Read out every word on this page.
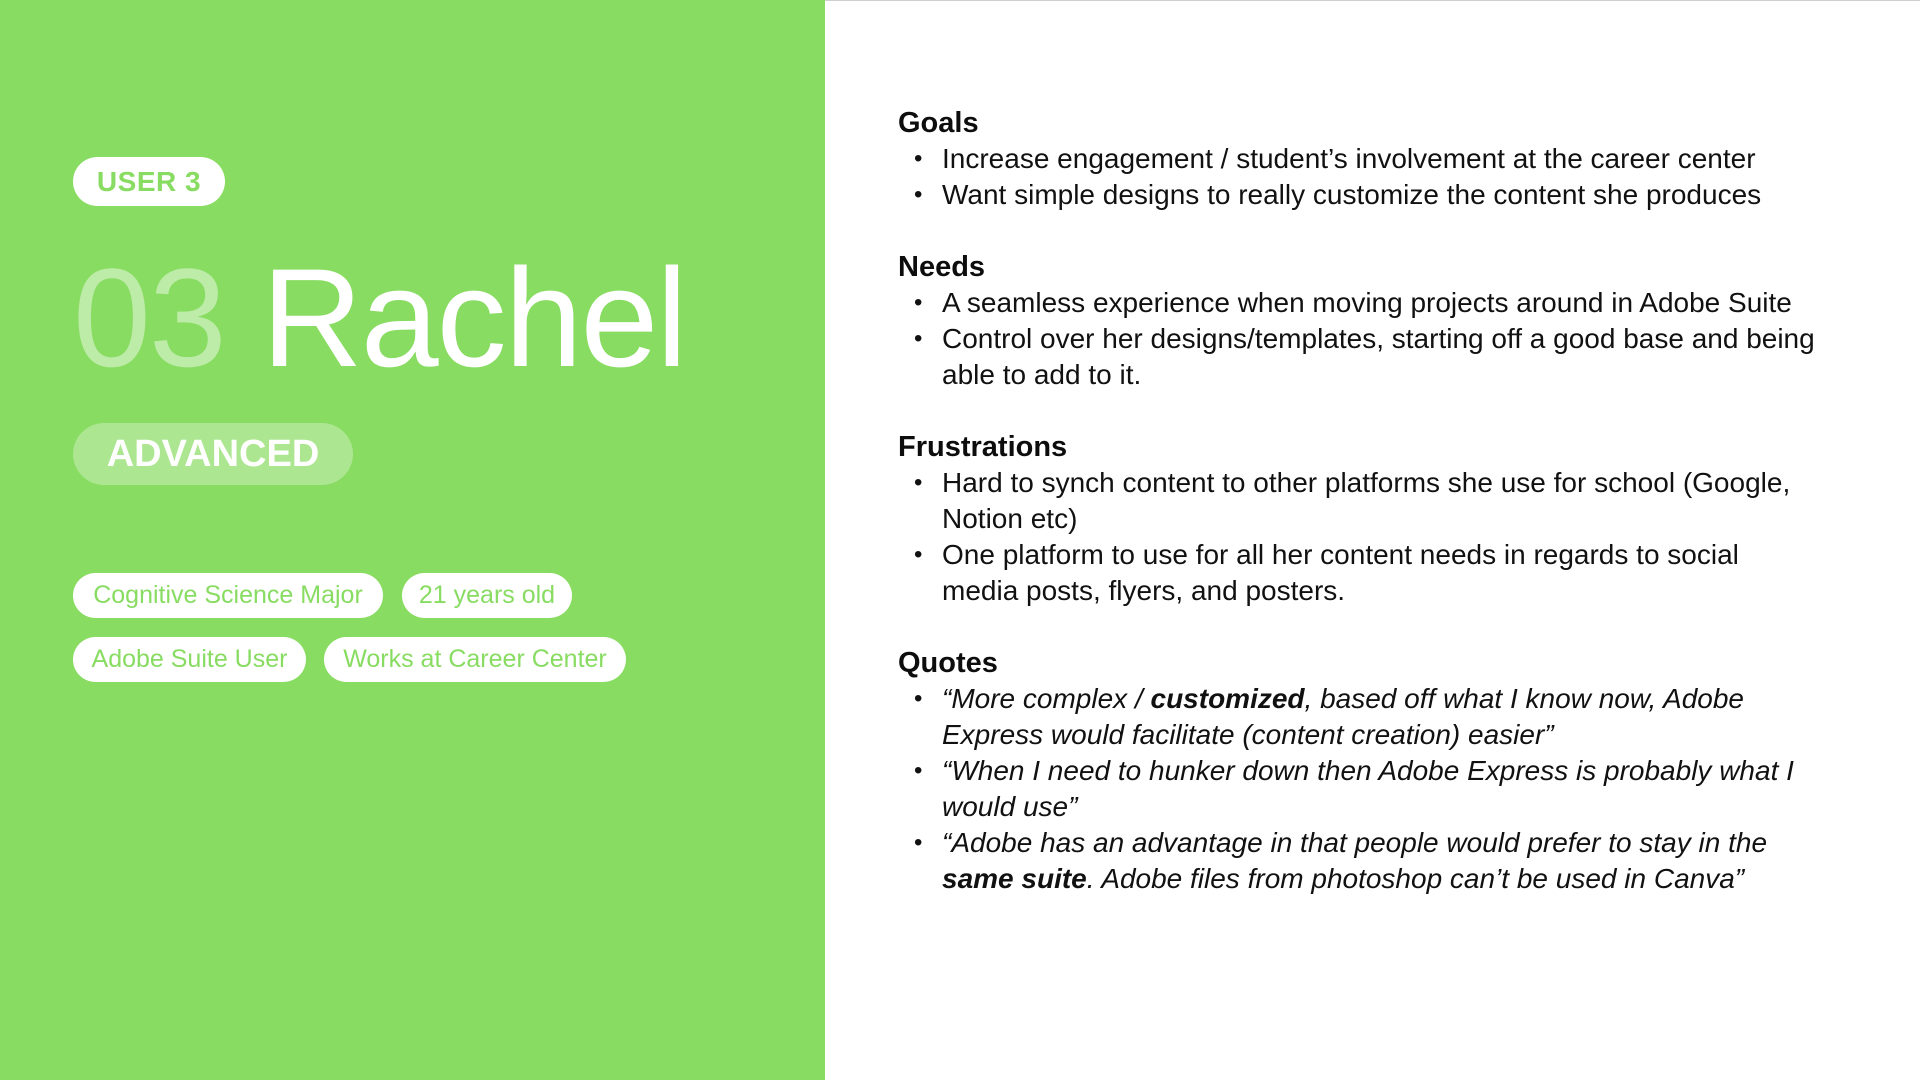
USER 3
03 Rachel
ADVANCED
Cognitive Science Major	21 years old
Adobe Suite User	Works at Career Center
Goals
• Increase engagement / student’s involvement at the career center
• Want simple designs to really customize the content she produces
Needs
• A seamless experience when moving projects around in Adobe Suite
• Control over her designs/templates, starting off a good base and being able to add to it.
Frustrations
• Hard to synch content to other platforms she use for school (Google, Notion etc)
• One platform to use for all her content needs in regards to social media posts, flyers, and posters.
Quotes
• “More complex / customized, based off what I know now, Adobe Express would facilitate (content creation) easier”
• “When I need to hunker down then Adobe Express is probably what I would use”
• “Adobe has an advantage in that people would prefer to stay in the same suite. Adobe files from photoshop can’t be used in Canva”
